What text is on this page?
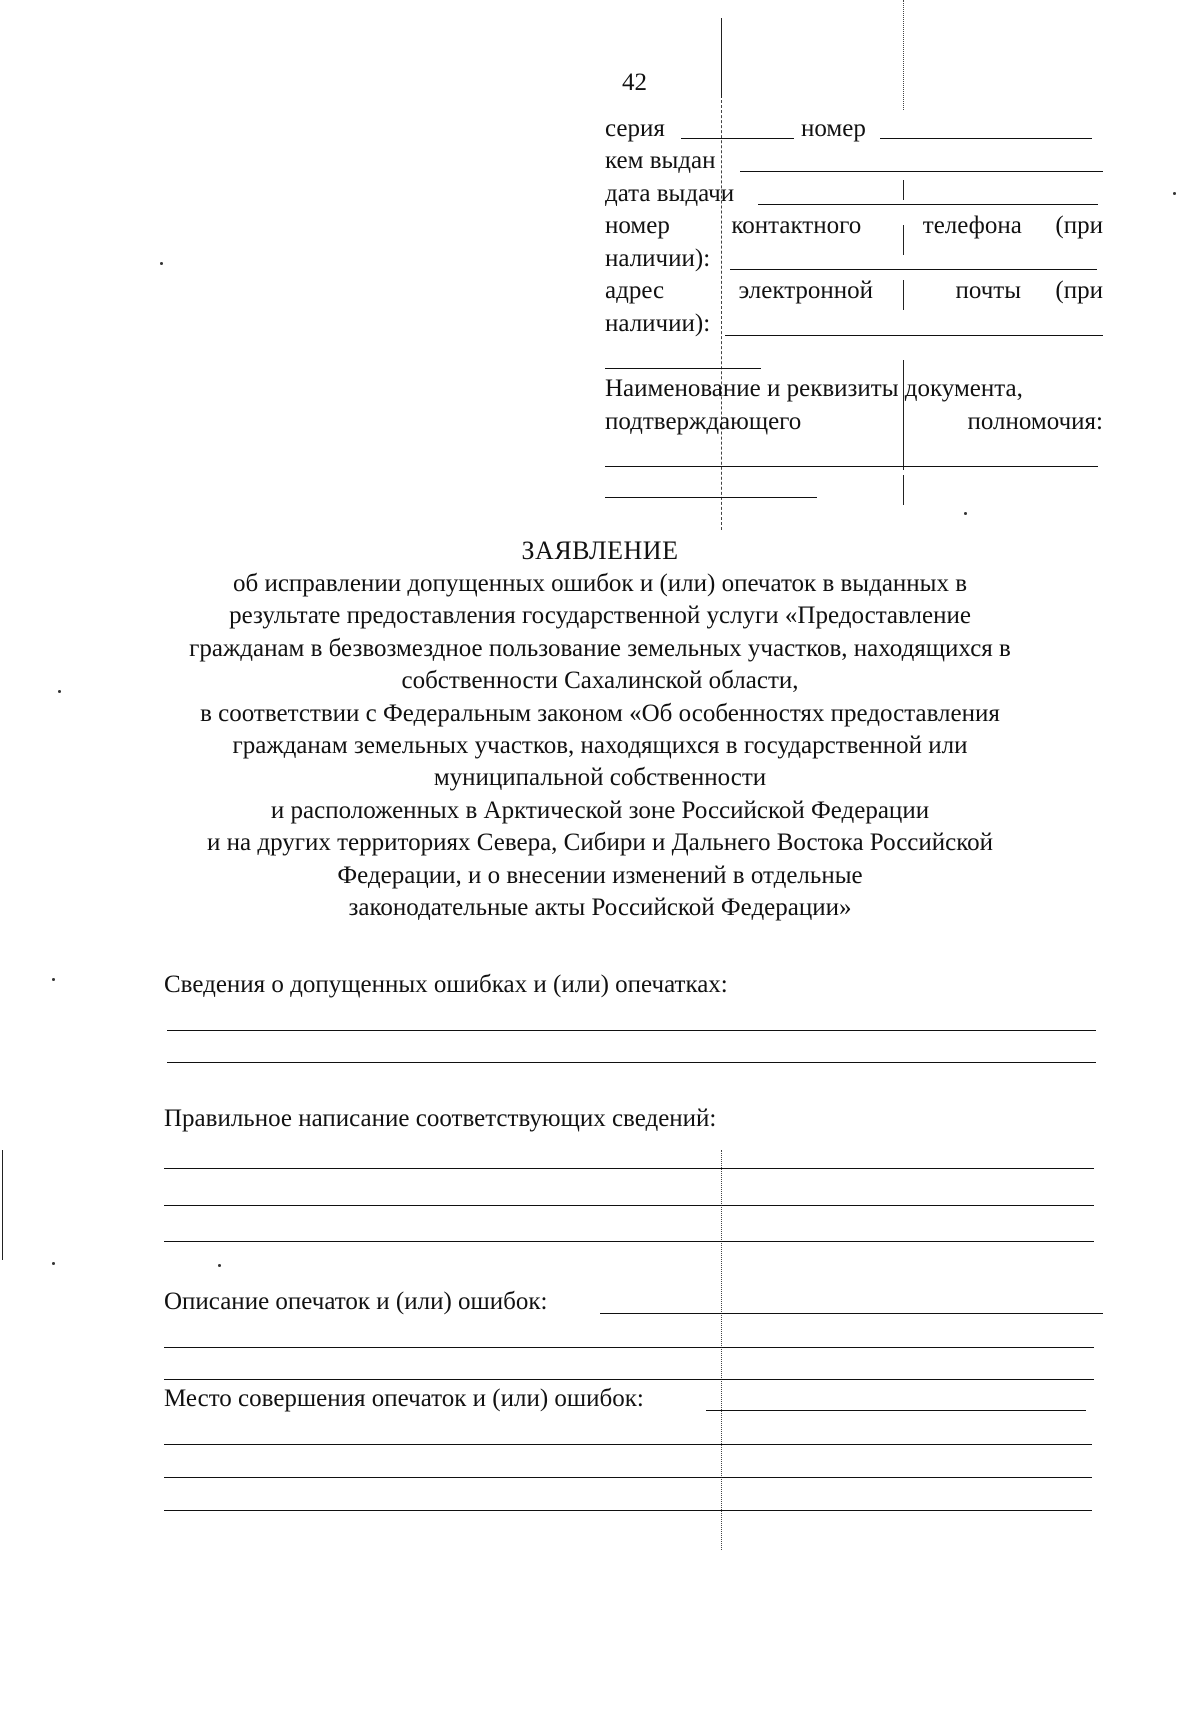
42
серия	номер
кем выдан
дата выдачи
номер контактного телефона (при
наличии):
адрес	электронной	почты (при
наличии):
Наименование и реквизиты документа,
подтверждающего	полномочия:
ЗАЯВЛЕНИЕ
об исправлении допущенных ошибок и (или) опечаток в выданных в
результате предоставления государственной услуги «Предоставление
гражданам в безвозмездное пользование земельных участков, находящихся в
собственности Сахалинской области,
в соответствии с Федеральным законом «Об особенностях предоставления
гражданам земельных участков, находящихся в государственной или
муниципальной собственности
и расположенных в Арктической зоне Российской Федерации
и на других территориях Севера, Сибири и Дальнего Востока Российской
Федерации, и о внесении изменений в отдельные
законодательные акты Российской Федерации»
Сведения о допущенных ошибках и (или) опечатках:
Правильное написание соответствующих сведений:
Описание опечаток и (или) ошибок:
Место совершения опечаток и (или) ошибок:
